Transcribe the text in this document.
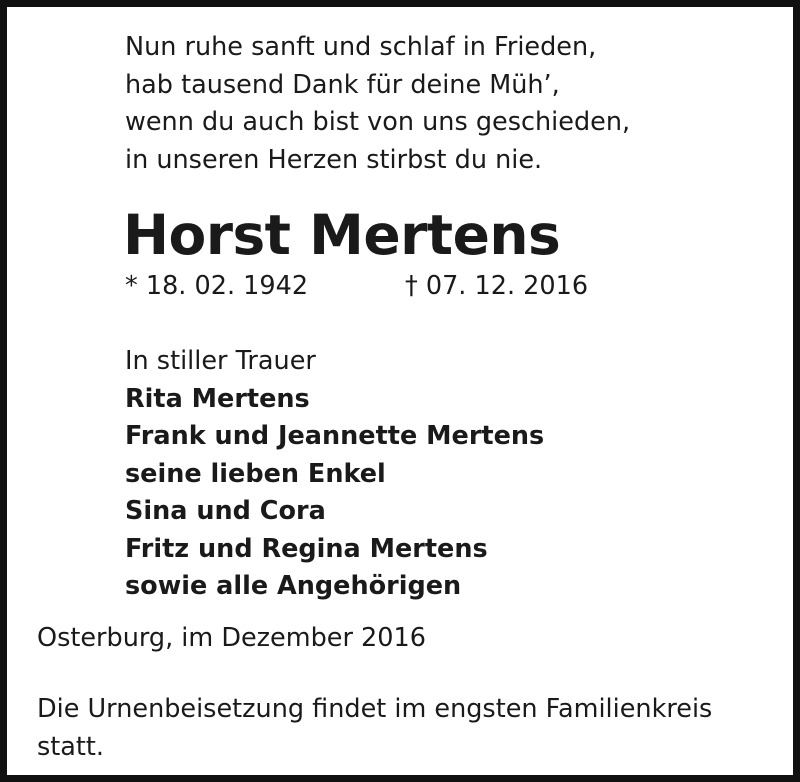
Nun ruhe sanft und schlaf in Frieden,
hab tausend Dank für deine Müh’,
wenn du auch bist von uns geschieden,
in unseren Herzen stirbst du nie.
Horst Mertens
* 18. 02. 1942	† 07. 12. 2016
In stiller Trauer
Rita Mertens
Frank und Jeannette Mertens
seine lieben Enkel
Sina und Cora
Fritz und Regina Mertens
sowie alle Angehörigen
Osterburg, im Dezember 2016
Die Urnenbeisetzung findet im engsten Familienkreis statt.
